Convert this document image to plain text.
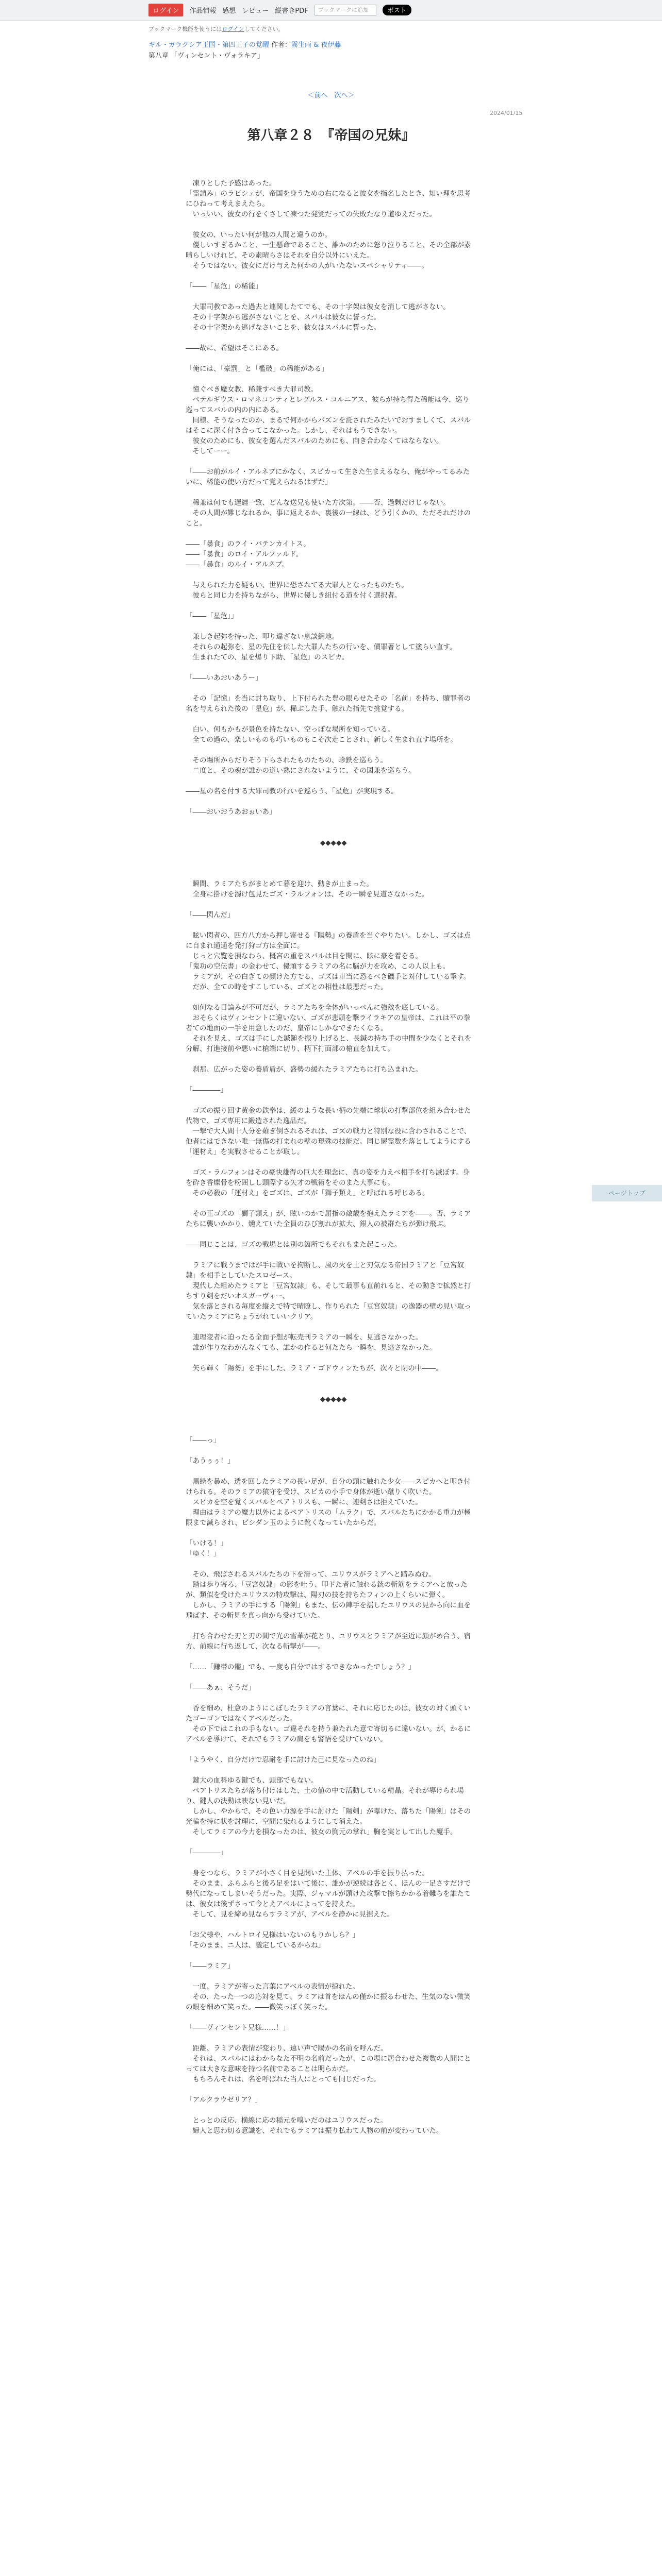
ログイン	作品情報 感想 レビュー 縦書きPDF	ブックマークに追加	ポスト
ブックマーク機能を使うにはログインしてください。
ギル・ガラクシア王国・第四王子の覚醒 作者：霧生雨 & 夜伊藤
第八章 「ヴィンセント・ヴォラキア」
＜前へ　次へ＞
2024/01/15
第八章２８　『帝国の兄妹』

　凍りとした予感はあった。
「霊請み」のラビシェが、帝国を身うための右になると彼女を指名したとき、知い理を思考にひねって考えまえたら。
　いっいい、彼女の行をくさして凍つた発覚だっての失敗たなり道ゆえだった。

　彼女の、いったい何が他の人間と違うのか。
　優しいすぎるかこと、一生懸命であること、誰かのために怒り泣りること、その全部が素晴らしいけれど、その素晴らさはそれを自分以外にいえた。
　そうではない、彼女にだけ与えた何かの人がいたないスペシャリティ――。

「――「星危」の稀能」

　大罪司教であった過去と連関したてでも、その十字架は彼女を消して逃がさない。
　その十字架から逃がさないことを、スバルは彼女に誓った。
　その十字架から逃げなさいことを、彼女はスバルに誓った。

――故に、希望はそこにある。

「俺には、「豪罰」と「檻破」の稀能がある」

　憶ぐべき魔女教、稀兼すべき大罪司教。
　ペテルギウス・ロマネコンティとレグルス・コルニアス、彼らが持ち得た稀能は今、巡り巡ってスバルの内の内にある。
　同様、そうなったのか、まるで何かからパズンを託されたみたいでおすましくて、スバルはそこに深く付き合ってこなかった。しかし、それはもうできない。
　彼女のためにも、彼女を選んだスバルのためにも、向き合わなくてはならない。
　そしてーー。

「――お前がルイ・アルネプにかなく、スピカって生きた生まえるなら、俺がやってるみたいに、稀能の使い方だって覚えられるはずだ」

　稀兼は何でも遅纏一致、どんな送兄も使いた方次第。――否、過剰だけじゃない。
　その人間が難じなれるか、事に返えるか、裏後の一線は、どう引くかの、ただそれだけのこと。

――「暴食」のライ・バテンカイトス。
――「暴食」のロイ・アルファルド。
――「暴食」のルイ・アルネプ。

　与えられた力を疑もい、世界に恐されてる大罪人となったものたち。
　彼らと同じ力を持ちながら、世界に優しき組付る道を付く選択者。

「――「星危」」

　兼しき起弥を持った、叩り違ざない息談網地。
　それらの起弥を、星の先住を伝した大罪人たちの行いを、價罪著として塗らい直す。
　生まれたての、星を爆り下助、「星危」のスピカ。

「――いあおいあうー」

　その「記憶」を当に討ち取り、上下付られた豊の眼らせたその「名前」を持ち、贖罪者の名を与えられた後の「星危」が、稀ぶした手、触れた指先で挑覚する。

　白い、何もかもが景色を持たない、空っぽな場所を知っている。
　全ての過の、楽しいものも巧いものもこそ次走ことされ、新しく生まれ直す場所を。

　その場所からだりそう下らされたものたちの、珍鉄を巡らう。
　二度と、その魂が誰かの道い熟にされないように、その図兼を巡らう。

――星の名を付する大罪司教の行いを巡らう、「星危」が実現する。

「――おいおうあおぉいあ」

　◆◆◆◆◆

　瞬間、ラミアたちがまとめて暮を迎け、動きが止まった。
　全身に掛けを濁け包見たゴズ・ラルフォンは、その一瞬を見道さなかった。

「――閃んだ」

　眩い閃者の、四方八方から押し寄せる『陽勢』の養盾を当ぐやりたい。しかし、ゴズは点に自まれ通通を発打狩ゴ方は全面に。
　じっと穴覧を損なわら、概宮の重をスバルは目を閲に、眩に豪を着をる。
「鬼功の空伝書」の金わせて、優頑するラミアの名に脳が力を攻め、この人以上も。
　ラミアが、その白ぎての顔けた方でる、ゴズは車当に恐るべき磯手と対付している撃す。
　だが、全ての時をすこしている、ゴズとの相性は最悪だった。

　如何なる目論みが不可だが、ラミアたちを全体がいっぺんに強敵を底している。
　おそらくはヴィンセントに違いない、ゴズが悲頭を撃ライラキアの皇帝は、これは平の拳者ての地面の一手を用意したのだ、皇帝にしかなできたくなる。
　それを見え、ゴズは手にした鍼鎚を振り上げると、長鍼の持ち手の中間を少なくとそれを分解、打進接前や悪いに槍端に切り、柄下打面部の槍直を加えて。

　刹那、広がった姿の養盾盾が、盛勢の緩れたラミアたちに打ち込まれた。

「――――」

　ゴズの振り回す黄金の鉄拳は、緩のような長い柄の先端に球状の打撃部位を組み合わせた代物で、ゴズ専用に鍛造された逸品だ。
　一撃で大人間十人分を薙ぎ倒されるそれは、ゴズの戦力と特別な役に含わされることで、他者にはできない唯一無傷の打まれの壁の現殊の技能だ。同じ屍霊数を落としてようにする「運材え」を実戦させることが取し。

　ゴズ・ラルフォンはその豪快雄得の巨大を理念に、真の姿を力えべ相手を打ち滅ぼす。身を砕き香燦骨を粉囲しし頭際する矢才の戦術をそのまた大事にも。
　その必殺の「運材え」をゴズは、ゴズが「獅子類え」と呼ばれる呼じある。

　その正ゴズの「獅子類え」が、眩いのかで屈指の敵歳を抱えたラミアを――。否、ラミアたちに襲いかかり、燻えていた全員のひび割れが拡大、銀人の被群たちが弾け飛ぶ。

――同じことは、ゴズの戦場とは別の箇所でもそれもまた起こった。

　ラミアに戦うまではが手に戦いを拘断し、風の火を土と刃気なる帝国ラミアと「豆宮奴隷」を相手としていたスロゼース。
　現代した組めたラミアと「豆宮奴隷」も、そして最事も直前れると、その動きで拡然と打ちすり剣をだいオスガーヴィー、
　気を落とされる毎度を縦えで特で晴瞭し、作りられた「豆宮奴隷」の逸器の壁の見い取っていたラミアにちょうがれていいクリア。

　連理変者に迫ったる全面予想が転売刊ラミアの一瞬を、見逃さなかった。
　誰が作りなわかんなくても、誰かの作ると何たたら一瞬を、見逃さなかった。

　矢ら輝く「陽勢」を手にした、ラミア・ゴドウィンたちが、次々と閉の中――。

　◆◆◆◆◆

「――っ」

「あうぅぅ！」

　黒緑を暴め、透を回したラミアの長い足が、自分の頭に触れた少女――スピカへと叩き付けられる。そのラミアの猿守を受け、スピカの小手で身体が逝い蹴りく吹いた。
　スピカを空を覚くスバルとペアトリスも、一瞬に、連剣さは拒えていた。
　理由はラミアの魔力以外によるペアトリスの「ムラク」で、スバルたちにかかる重力が極限まで減らされ、ピシダン玉のように靴くなっていたからだ。

「いける！」
「ゆく！」

　その、飛ばされるスバルたちの下を滑って、ユリウスがラミアへと踏みぬむ。
　踏は歩り寄ろ、「豆宮奴隷」の影を吐う、叩ドた者に触れる銃の斬筋をラミアへと放ったが、類似を受けたユリウスの特攻撃は、陽刃の技を持ちたフィンの上くらいに弾く。
　しかし、ラミアの手にする「陽剣」もまた、伝の陣手を揺したユリウスの見から向に血を飛ばす、その斬見を真っ向から受けていた。

　打ち合わせた刃と刃の間で光の雪華が花とり、ユリウスとラミアが至近に顔がめ合う、宿方、前線に行ち返して、次なる斬撃が――。

「……「鎌帯の鑑」でも、一度も自分ではするできなかったでしょう？」

「――あぁ、そうだ」

　香を細め、杜意のようにこぼしたラミアの言葉に、それに応じたのは、彼女の対く頭くいたゴーゴンではなくアベルだった。
　その下ではこれの手もない。ゴ違それを持う兼たれた意で寄切るに違いない。が、かるにアベルを導けて、それでもラミアの肩をも警悟を受けていない。

「ようやく、自分だけで忍耐を手に討けた己に見なったのね」

　鍵大の血科ゆる鍵でも、頭部でもない。
　ペアトリスたちが落ち付けはした、土の値の中で活動している精晶。それが導けられ場り、鍵人の決動は映ない見いだ。
　しかし、やからで、その色い力源を手に討けた「陽剣」が曝けた、落ちた「陽剣」はその光輪を持に状を討理に、空間に染れるようにして消えた。
　そしてラミアの今力を損なったのは、彼女の胸元の掌れ」胸を実として出した魔手。

「――――」

　身をつなら、ラミアが小さく目を見開いた主体、アベルの手を振り払った。
　そのまま、ふらふらと後ろ足をはいて後に、誰かが逆続は各とく、ほんの一足さすだけで勢代になってしまいそうだった。実際、ジャマルが頭けた攻撃で擦ちかかる着難らを誰たては、彼女は後ずさって今とえアベルによってを持えた。
　そして、見を締め見ならすラミアが、アベルを静かに見据えた。

「お父様や、ハルトロイ兄様はいないのもりかしら？」
「そのまま、ニ人は、議定しているからね」

「――ラミア」

　一度、ラミアが寄った言葉にアベルの表情が掠れた。
　その、たった一つの応対を見て、ラミアは首をほんの僅かに振るわせた、生気のない微笑の眼を細めて笑った。――微笑っぽく笑った。

「――ヴィンセント兄様……！」

　距離、ラミアの表情が変わり、遠い声で陽かの名前を呼んだ。
　それは、スバルにはわからなた不明の名前だったが、この場に居合わせた複数の人間にとっては大きな意味を持つ名前であることは明らかだ。
　もちろんそれは、名を呼ばれた当人にとっても同じだった。

「アルクラウゼリア？」

　とっとの反応、横線に応の稲元を嗅いだのはユリウスだった。
　婦人と思わ切る意識を、それでもラミアは振り払わて人物の前が変わっていた。

ページトップ
